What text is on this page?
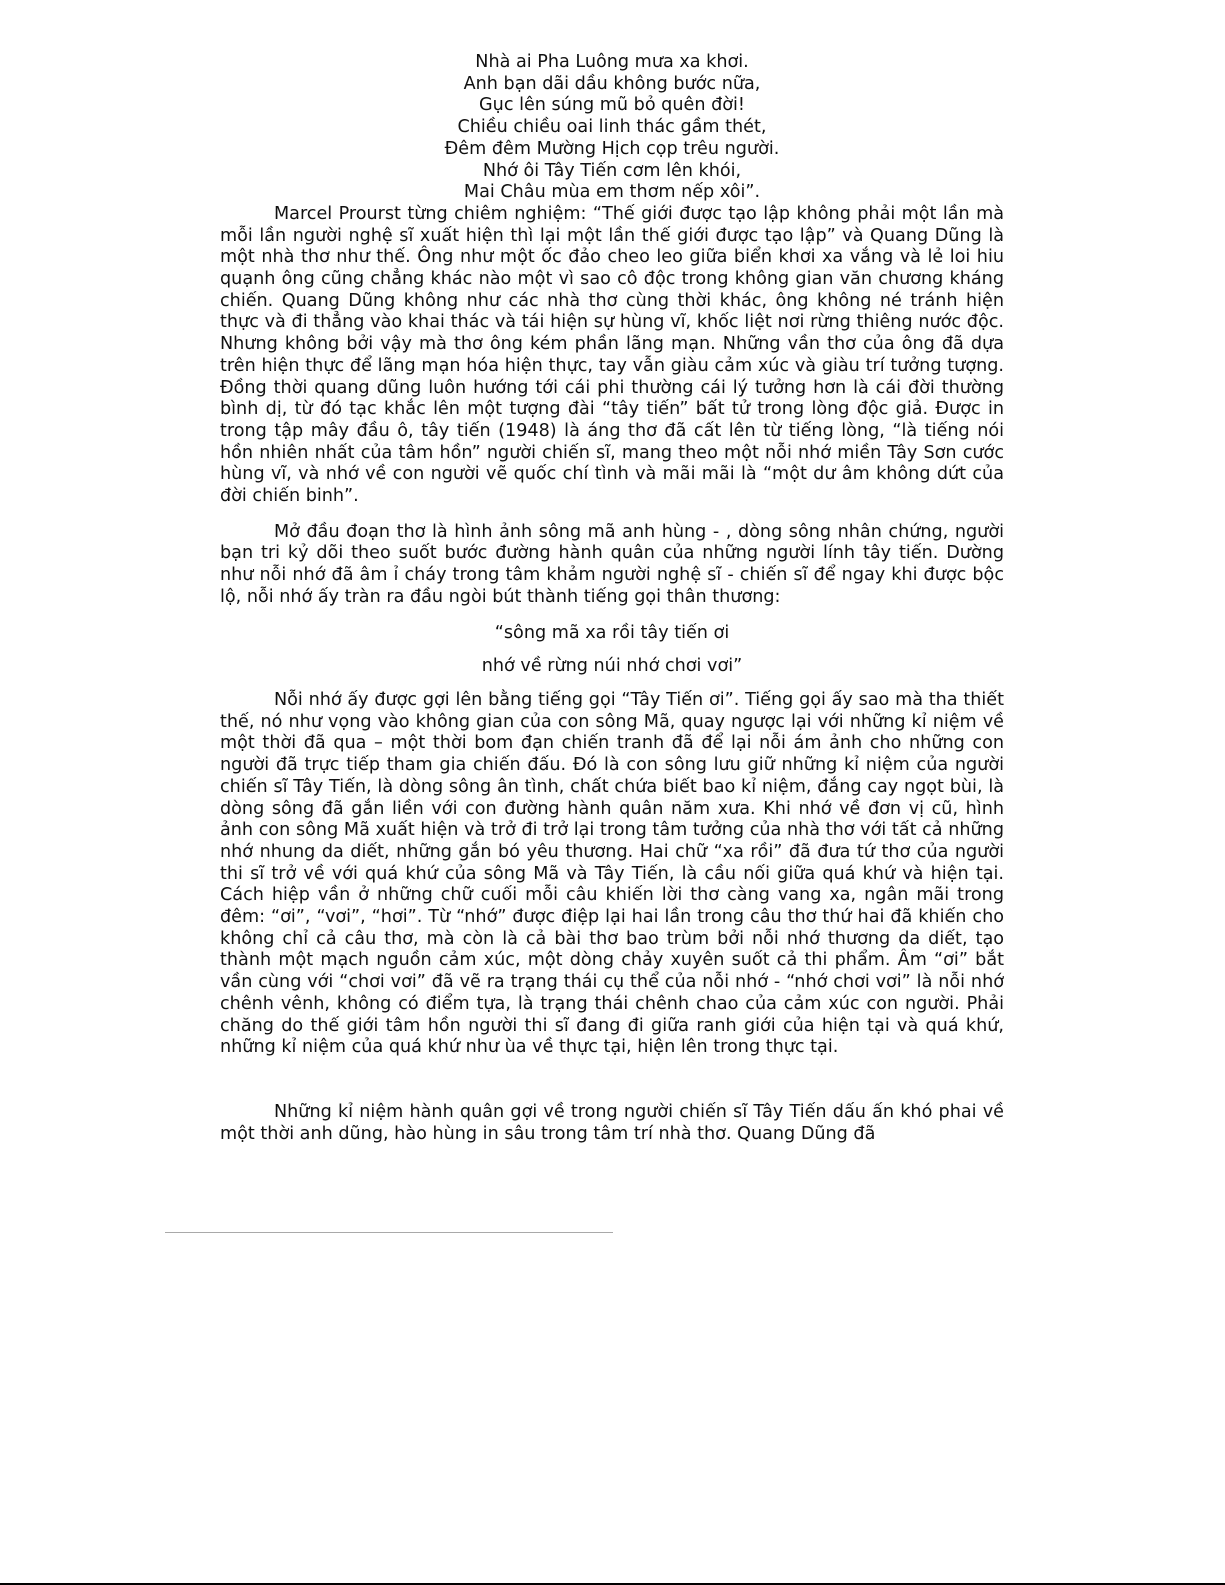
Nhà ai Pha Luông mưa xa khơi.

Anh bạn dãi dầu không bước nữa,

Gục lên súng mũ bỏ quên đời!

Chiều chiều oai linh thác gầm thét,

Đêm đêm Mường Hịch cọp trêu người.

Nhớ ôi Tây Tiến cơm lên khói,

Mai Châu mùa em thơm nếp xôi”.

Marcel Prourst từng chiêm nghiệm: “Thế giới được tạo lập không phải một lần mà mỗi lần người nghệ sĩ xuất hiện thì lại một lần thế giới được tạo lập” và Quang Dũng là một nhà thơ như thế. Ông như một ốc đảo cheo leo giữa biển khơi xa vắng và lẻ loi hiu quạnh ông cũng chẳng khác nào một vì sao cô độc trong không gian văn chương kháng chiến. Quang Dũng không như các nhà thơ cùng thời khác, ông không né tránh hiện thực và đi thẳng vào khai thác và tái hiện sự hùng vĩ, khốc liệt nơi rừng thiêng nước độc. Nhưng không bởi vậy mà thơ ông kém phần lãng mạn. Những vần thơ của ông đã dựa trên hiện thực để lãng mạn hóa hiện thực, tay vẫn giàu cảm xúc và giàu trí tưởng tượng. Đồng thời quang dũng luôn hướng tới cái phi thường cái lý tưởng hơn là cái đời thường bình dị, từ đó tạc khắc lên một tượng đài “tây tiến” bất tử trong lòng độc giả. Được in trong tập mây đầu ô, tây tiến (1948) là áng thơ đã cất lên từ tiếng lòng, “là tiếng nói hồn nhiên nhất của tâm hồn” người chiến sĩ, mang theo một nỗi nhớ miền Tây Sơn cước hùng vĩ, và nhớ về con người vẽ quốc chí tình và mãi mãi là “một dư âm không dứt của đời chiến binh”.

Mở đầu đoạn thơ là hình ảnh sông mã anh hùng - , dòng sông nhân chứng, người bạn tri kỷ dõi theo suốt bước đường hành quân của những người lính tây tiến. Dường như nỗi nhớ đã âm ỉ cháy trong tâm khảm người nghệ sĩ - chiến sĩ để ngay khi được bộc lộ, nỗi nhớ ấy tràn ra đầu ngòi bút thành tiếng gọi thân thương:

“sông mã xa rồi tây tiến ơi

nhớ về rừng núi nhớ chơi vơi”

Nỗi nhớ ấy được gợi lên bằng tiếng gọi “Tây Tiến ơi”. Tiếng gọi ấy sao mà tha thiết thế, nó như vọng vào không gian của con sông Mã, quay ngược lại với những kỉ niệm về một thời đã qua – một thời bom đạn chiến tranh đã để lại nỗi ám ảnh cho những con người đã trực tiếp tham gia chiến đấu. Đó là con sông lưu giữ những kỉ niệm của người chiến sĩ Tây Tiến, là dòng sông ân tình, chất chứa biết bao kỉ niệm, đắng cay ngọt bùi, là dòng sông đã gắn liền với con đường hành quân năm xưa. Khi nhớ về đơn vị cũ, hình ảnh con sông Mã xuất hiện và trở đi trở lại trong tâm tưởng của nhà thơ với tất cả những nhớ nhung da diết, những gắn bó yêu thương. Hai chữ “xa rồi” đã đưa tứ thơ của người thi sĩ trở về với quá khứ của sông Mã và Tây Tiến, là cầu nối giữa quá khứ và hiện tại. Cách hiệp vần ở những chữ cuối mỗi câu khiến lời thơ càng vang xa, ngân mãi trong đêm: “ơi”, “vơi”, “hơi”. Từ “nhớ” được điệp lại hai lần trong câu thơ thứ hai đã khiến cho không chỉ cả câu thơ, mà còn là cả bài thơ bao trùm bởi nỗi nhớ thương da diết, tạo thành một mạch nguồn cảm xúc, một dòng chảy xuyên suốt cả thi phẩm. Âm “ơi” bắt vần cùng với “chơi vơi” đã vẽ ra trạng thái cụ thể của nỗi nhớ - “nhớ chơi vơi” là nỗi nhớ chênh vênh, không có điểm tựa, là trạng thái chênh chao của cảm xúc con người. Phải chăng do thế giới tâm hồn người thi sĩ đang đi giữa ranh giới của hiện tại và quá khứ, những kỉ niệm của quá khứ như ùa về thực tại, hiện lên trong thực tại.

Những kỉ niệm hành quân gợi về trong người chiến sĩ Tây Tiến dấu ấn khó phai về một thời anh dũng, hào hùng in sâu trong tâm trí nhà thơ. Quang Dũng đã
